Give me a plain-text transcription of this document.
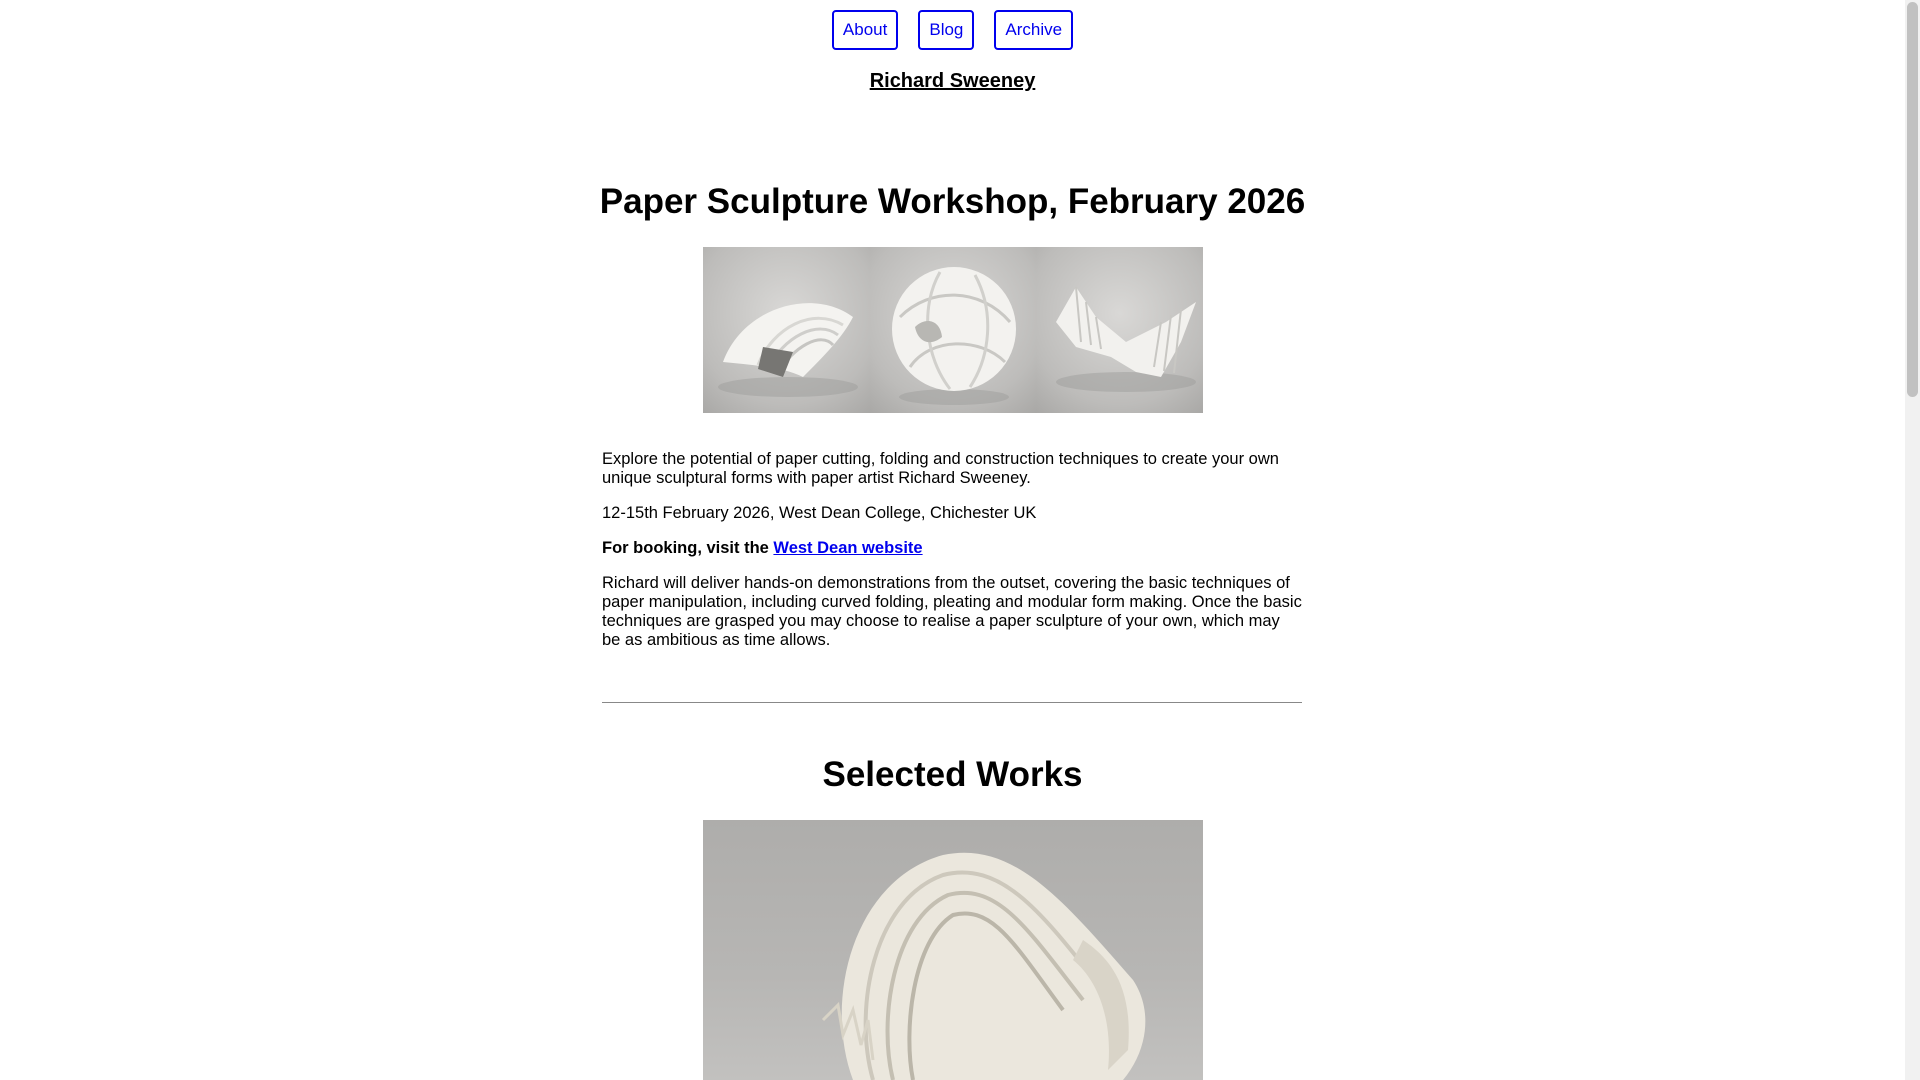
About	Blog	Archive
Richard Sweeney
Paper Sculpture Workshop, February 2026

Explore the potential of paper cutting, folding and construction techniques to create your own unique sculptural forms with paper artist Richard Sweeney.

12-15th February 2026, West Dean College, Chichester UK

For booking, visit the West Dean website

Richard will deliver hands-on demonstrations from the outset, covering the basic techniques of paper manipulation, including curved folding, pleating and modular form making. Once the basic techniques are grasped you may choose to realise a paper sculpture of your own, which may be as ambitious as time allows.

Selected Works
